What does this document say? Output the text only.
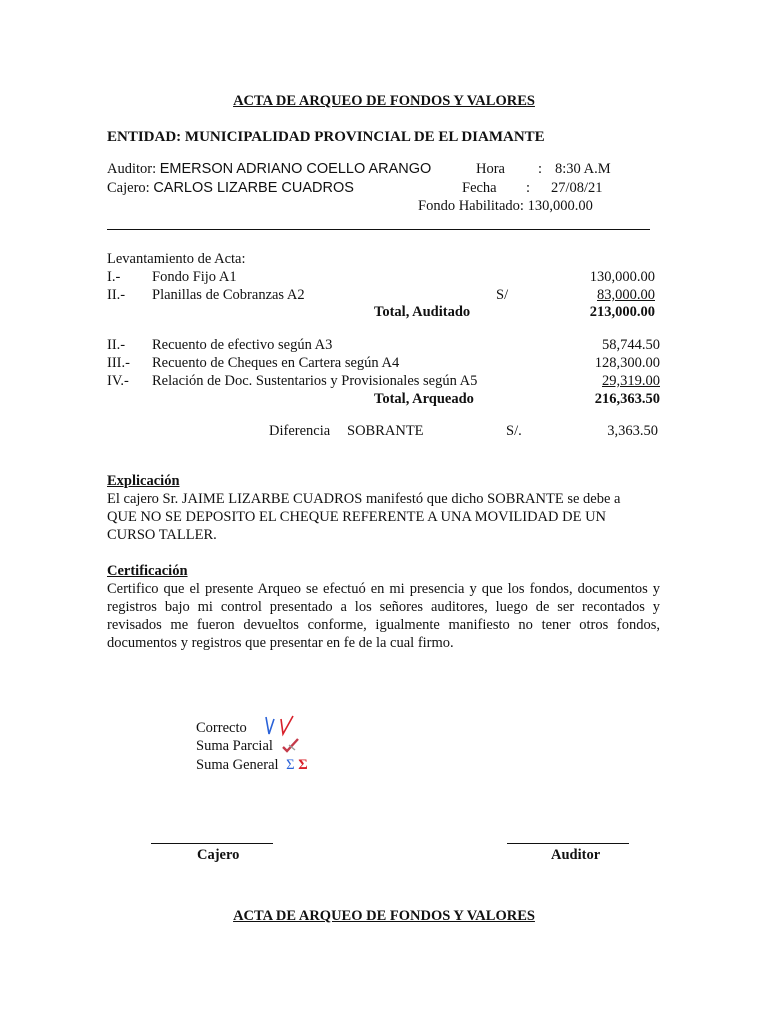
ACTA DE ARQUEO DE FONDOS Y VALORES
ENTIDAD: MUNICIPALIDAD PROVINCIAL DE EL DIAMANTE
Auditor: EMERSON ADRIANO COELLO ARANGO	Hora : 8:30 A.M
Cajero: CARLOS LIZARBE CUADROS	Fecha : 27/08/21
Fondo Habilitado: 130,000.00
Levantamiento de Acta:
I.- Fondo Fijo A1	130,000.00
II.- Planillas de Cobranzas A2	S/	83,000.00
Total, Auditado	213,000.00
II.- Recuento de efectivo según A3	58,744.50
III.- Recuento de Cheques en Cartera según A4	128,300.00
IV.- Relación de Doc. Sustentarios y Provisionales según A5	29,319.00
Total, Arqueado	216,363.50
Diferencia SOBRANTE	S/.	3,363.50
Explicación
El cajero Sr. JAIME LIZARBE CUADROS manifestó que dicho SOBRANTE se debe a
QUE NO SE DEPOSITO EL CHEQUE REFERENTE A UNA MOVILIDAD DE UN
CURSO TALLER.
Certificación
Certifico que el presente Arqueo se efectuó en mi presencia y que los fondos, documentos y registros bajo mi control presentado a los señores auditores, luego de ser recontados y revisados me fueron devueltos conforme, igualmente manifiesto no tener otros fondos, documentos y registros que presentar en fe de la cual firmo.
Correcto
Suma Parcial
Suma General Σ Σ
Cajero	Auditor
ACTA DE ARQUEO DE FONDOS Y VALORES
